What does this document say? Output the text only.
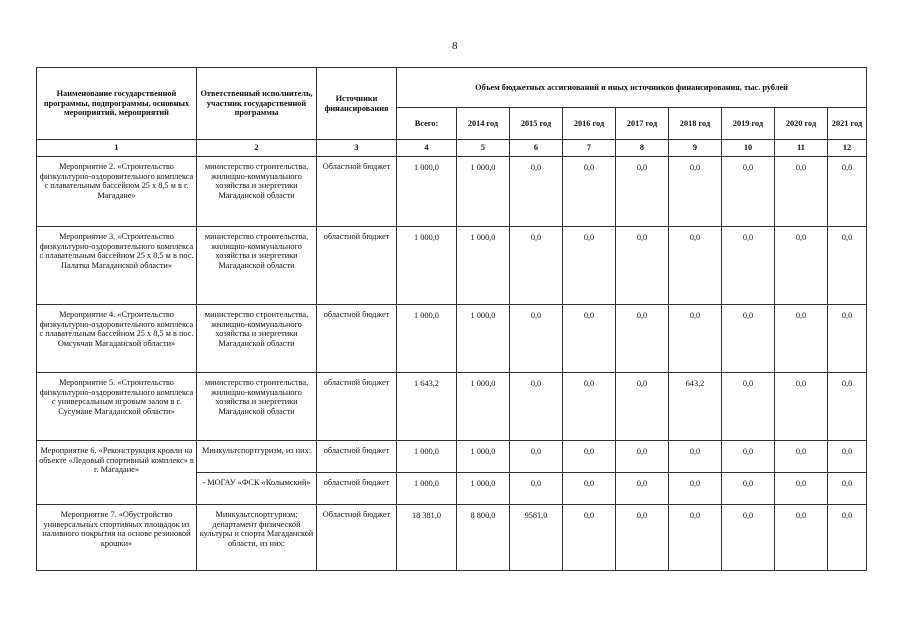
8
Наименование государственной программы, подпрограммы, основных мероприятий, мероприятий	Ответственный исполнитель, участник государственной программы	Источники финансирования	Объем бюджетных ассигнований и иных источников финансирования, тыс. рублей								
			Всего:	2014 год	2015 год	2016 год	2017 год	2018 год	2019 год	2020 год	2021 год
1	2	3	4	5	6	7	8	9	10	11	12
Мероприятие 2. «Строительство физкультурно-оздоровительного комплекса с плавательным бассейном 25 х 8,5 м в г. Магадане»	министерство строительства, жилищно-коммунального хозяйства и энергетики Магаданской области	Областной бюджет	1 000,0	1 000,0	0,0	0,0	0,0	0,0	0,0	0,0	0,0
Мероприятие 3. «Строительство физкультурно-оздоровительного комплекса с плавательным бассейном 25 х 8,5 м в пос. Палатка Магаданской области»	министерство строительства, жилищно-коммунального хозяйства и энергетики Магаданской области	областной бюджет	1 000,0	1 000,0	0,0	0,0	0,0	0,0	0,0	0,0	0,0
Мероприятие 4. «Строительство физкультурно-оздоровительного комплекса с плавательным бассейном 25 х 8,5 м в пос. Омсукчан Магаданской области»	министерство строительства, жилищно-коммунального хозяйства и энергетики Магаданской области	областной бюджет	1 000,0	1 000,0	0,0	0,0	0,0	0,0	0,0	0,0	0,0
Мероприятие 5. «Строительство физкультурно-оздоровительного комплекса с универсальным игровым залом в г. Сусумане Магаданской области»	министерство строительства, жилищно-коммунального хозяйства и энергетики Магаданской области	областной бюджет	1 643,2	1 000,0	0,0	0,0	0,0	643,2	0,0	0,0	0,0
Мероприятие 6. «Реконструкция кровли на объекте «Ледовый спортивный комплекс» в г. Магадане»	Минкультспортгуризм, из них:	областной бюджет	1 000,0	1 000,0	0,0	0,0	0,0	0,0	0,0	0,0	0,0
	- МОГАУ «ФСК «Колымский»	областной бюджет	1 000,0	1 000,0	0,0	0,0	0,0	0,0	0,0	0,0	0,0
Мероприятие 7. «Обустройство универсальных спортивных площадок из наливного покрытия на основе резиновой крошки»	Минкультспортгуризм; департамент физической культуры и спорта Магаданской области, из них:	Областной бюджет	18 381,0	8 800,0	9581,0	0,0	0,0	0,0	0,0	0,0	0,0
